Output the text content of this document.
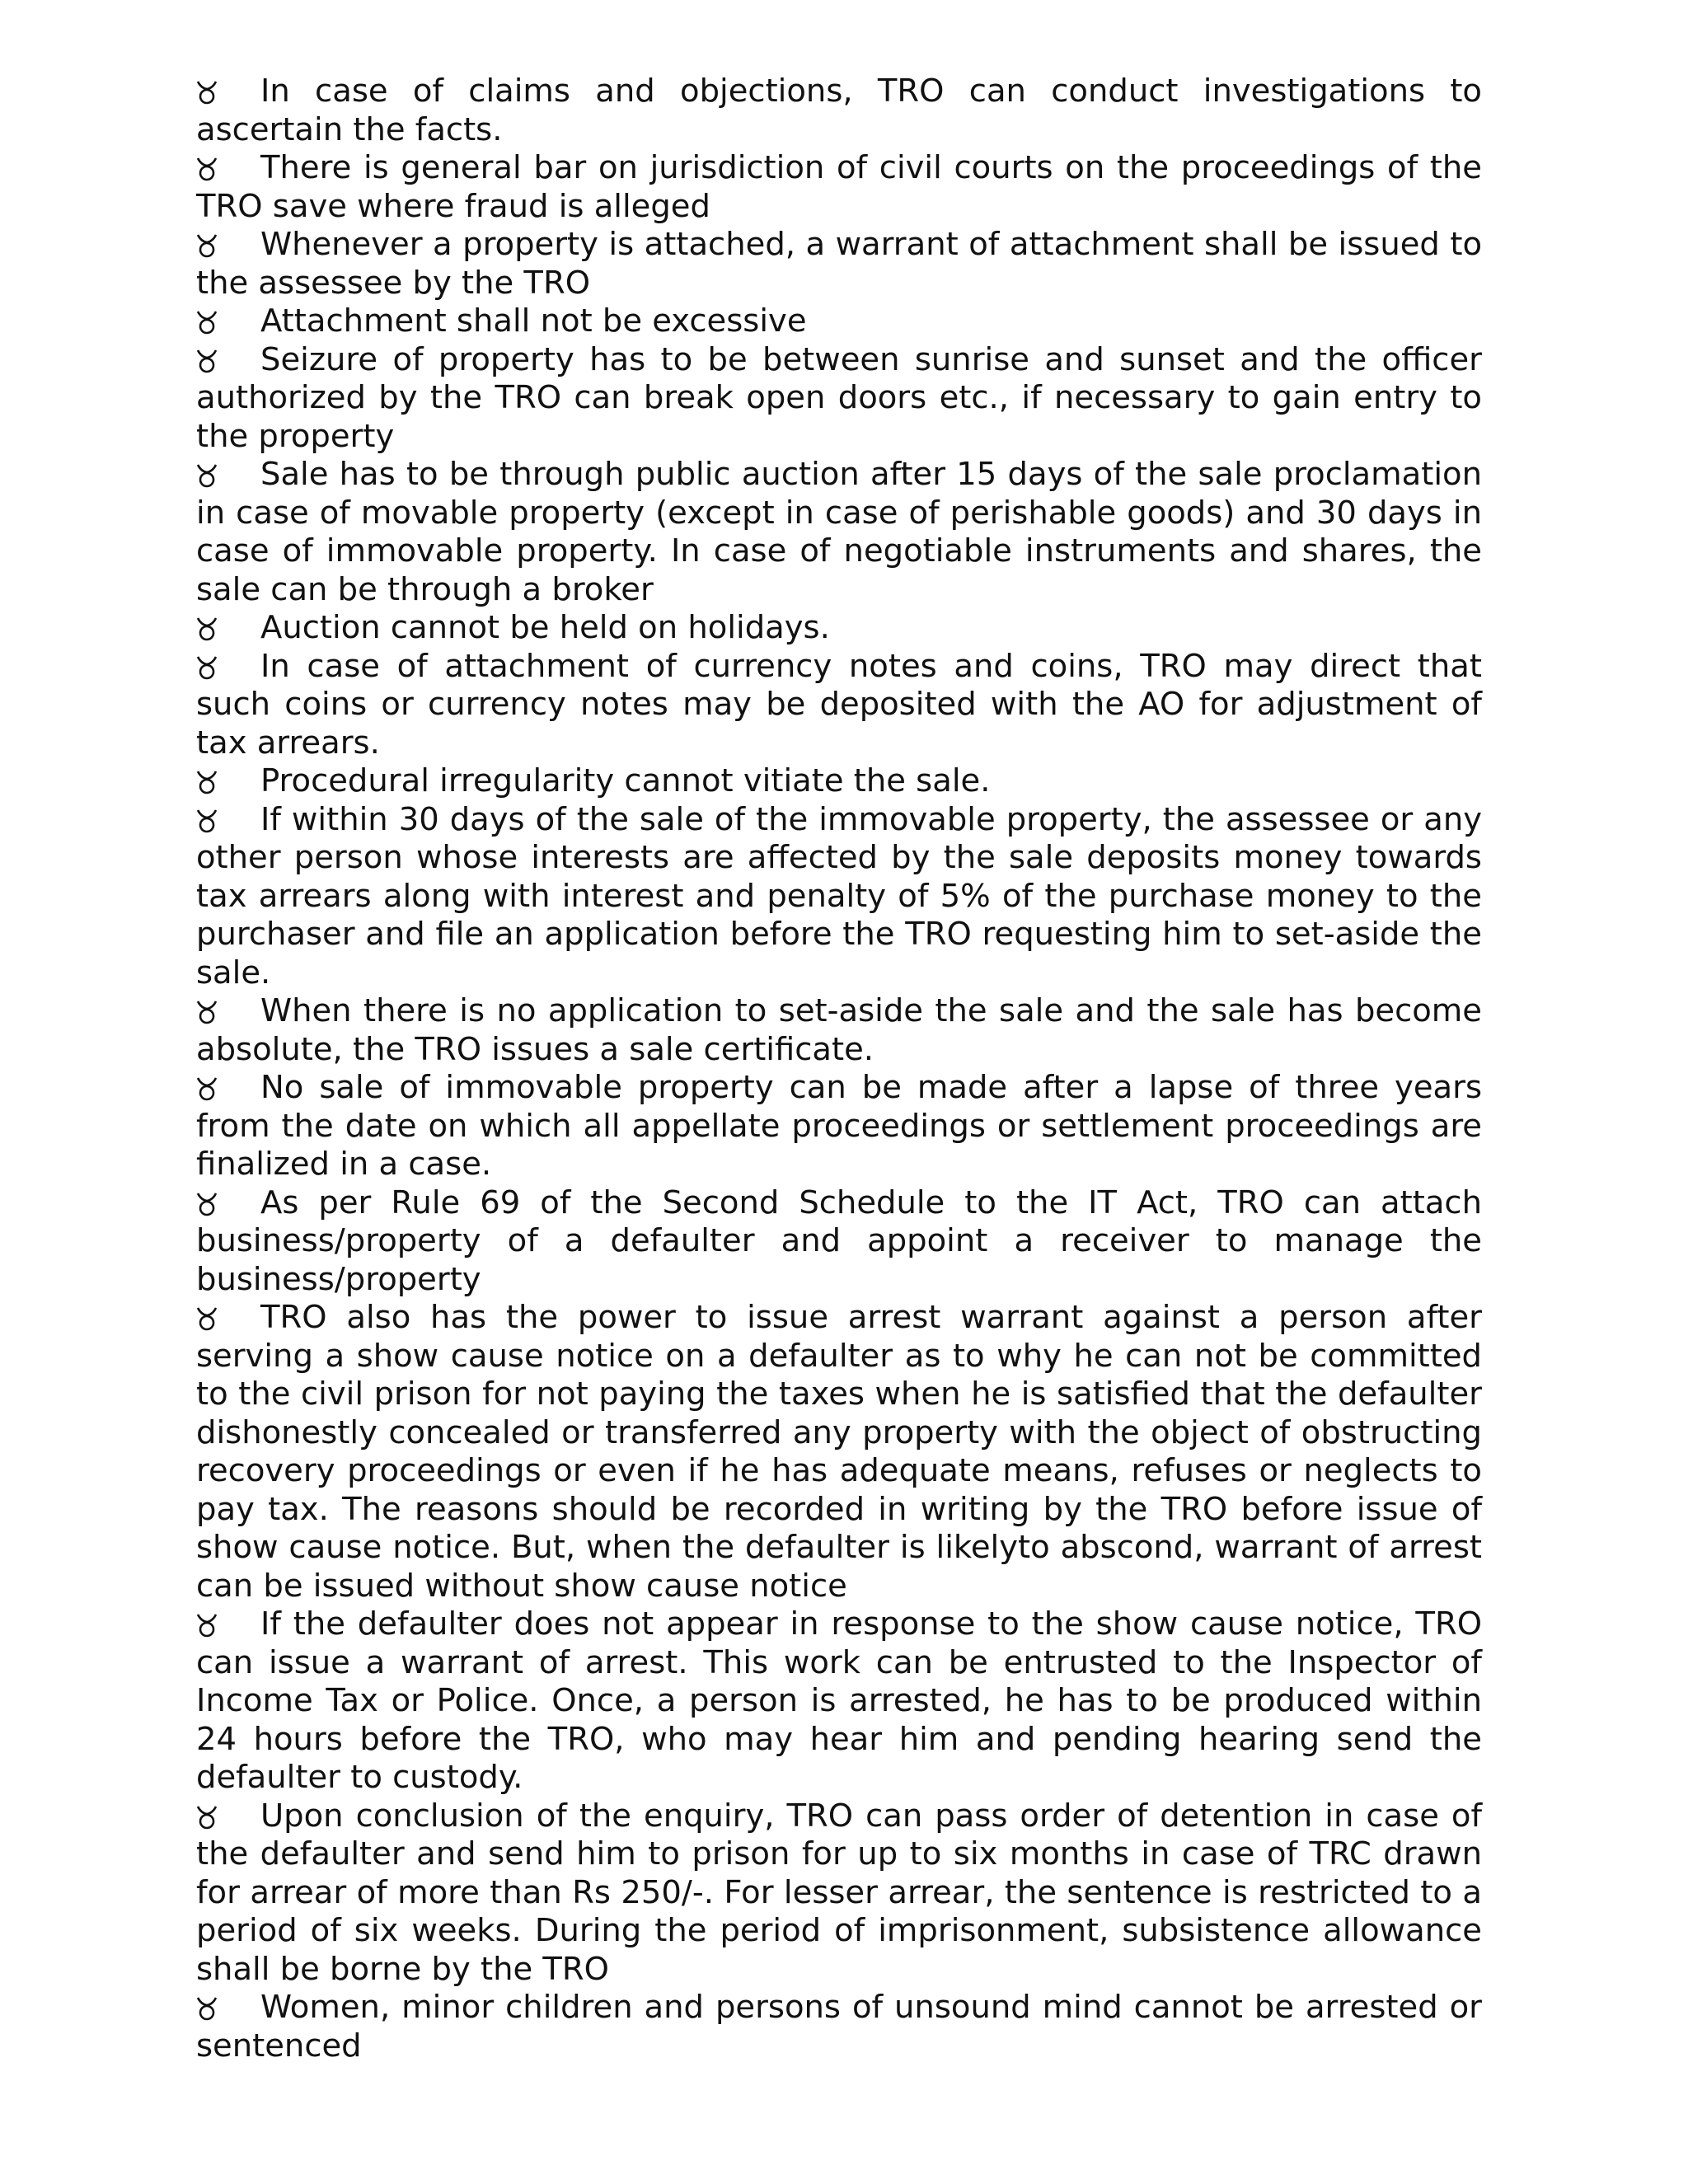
In case of claims and objections, TRO can conduct investigations to ascertain the facts.

There is general bar on jurisdiction of civil courts on the proceedings of the TRO save where fraud is alleged

Whenever a property is attached, a warrant of attachment shall be issued to the assessee by the TRO

Attachment shall not be excessive

Seizure of property has to be between sunrise and sunset and the officer authorized by the TRO can break open doors etc., if necessary to gain entry to the property

Sale has to be through public auction after 15 days of the sale proclamation in case of movable property (except in case of perishable goods) and 30 days in case of immovable property. In case of negotiable instruments and shares, the sale can be through a broker

Auction cannot be held on holidays.

In case of attachment of currency notes and coins, TRO may direct that such coins or currency notes may be deposited with the AO for adjustment of tax arrears.

Procedural irregularity cannot vitiate the sale.

If within 30 days of the sale of the immovable property, the assessee or any other person whose interests are affected by the sale deposits money towards tax arrears along with interest and penalty of 5% of the purchase money to the purchaser and file an application before the TRO requesting him to set-aside the sale.

When there is no application to set-aside the sale and the sale has become absolute, the TRO issues a sale certificate.

No sale of immovable property can be made after a lapse of three years from the date on which all appellate proceedings or settlement proceedings are finalized in a case.

As per Rule 69 of the Second Schedule to the IT Act, TRO can attach business/property of a defaulter and appoint a receiver to manage the business/property

TRO also has the power to issue arrest warrant against a person after serving a show cause notice on a defaulter as to why he can not be committed to the civil prison for not paying the taxes when he is satisfied that the defaulter dishonestly concealed or transferred any property with the object of obstructing recovery proceedings or even if he has adequate means, refuses or neglects to pay tax. The reasons should be recorded in writing by the TRO before issue of show cause notice. But, when the defaulter is likelyto abscond, warrant of arrest can be issued without show cause notice

If the defaulter does not appear in response to the show cause notice, TRO can issue a warrant of arrest. This work can be entrusted to the Inspector of Income Tax or Police. Once, a person is arrested, he has to be produced within 24 hours before the TRO, who may hear him and pending hearing send the defaulter to custody.

Upon conclusion of the enquiry, TRO can pass order of detention in case of the defaulter and send him to prison for up to six months in case of TRC drawn for arrear of more than Rs 250/-. For lesser arrear, the sentence is restricted to a period of six weeks. During the period of imprisonment, subsistence allowance shall be borne by the TRO

Women, minor children and persons of unsound mind cannot be arrested or sentenced
